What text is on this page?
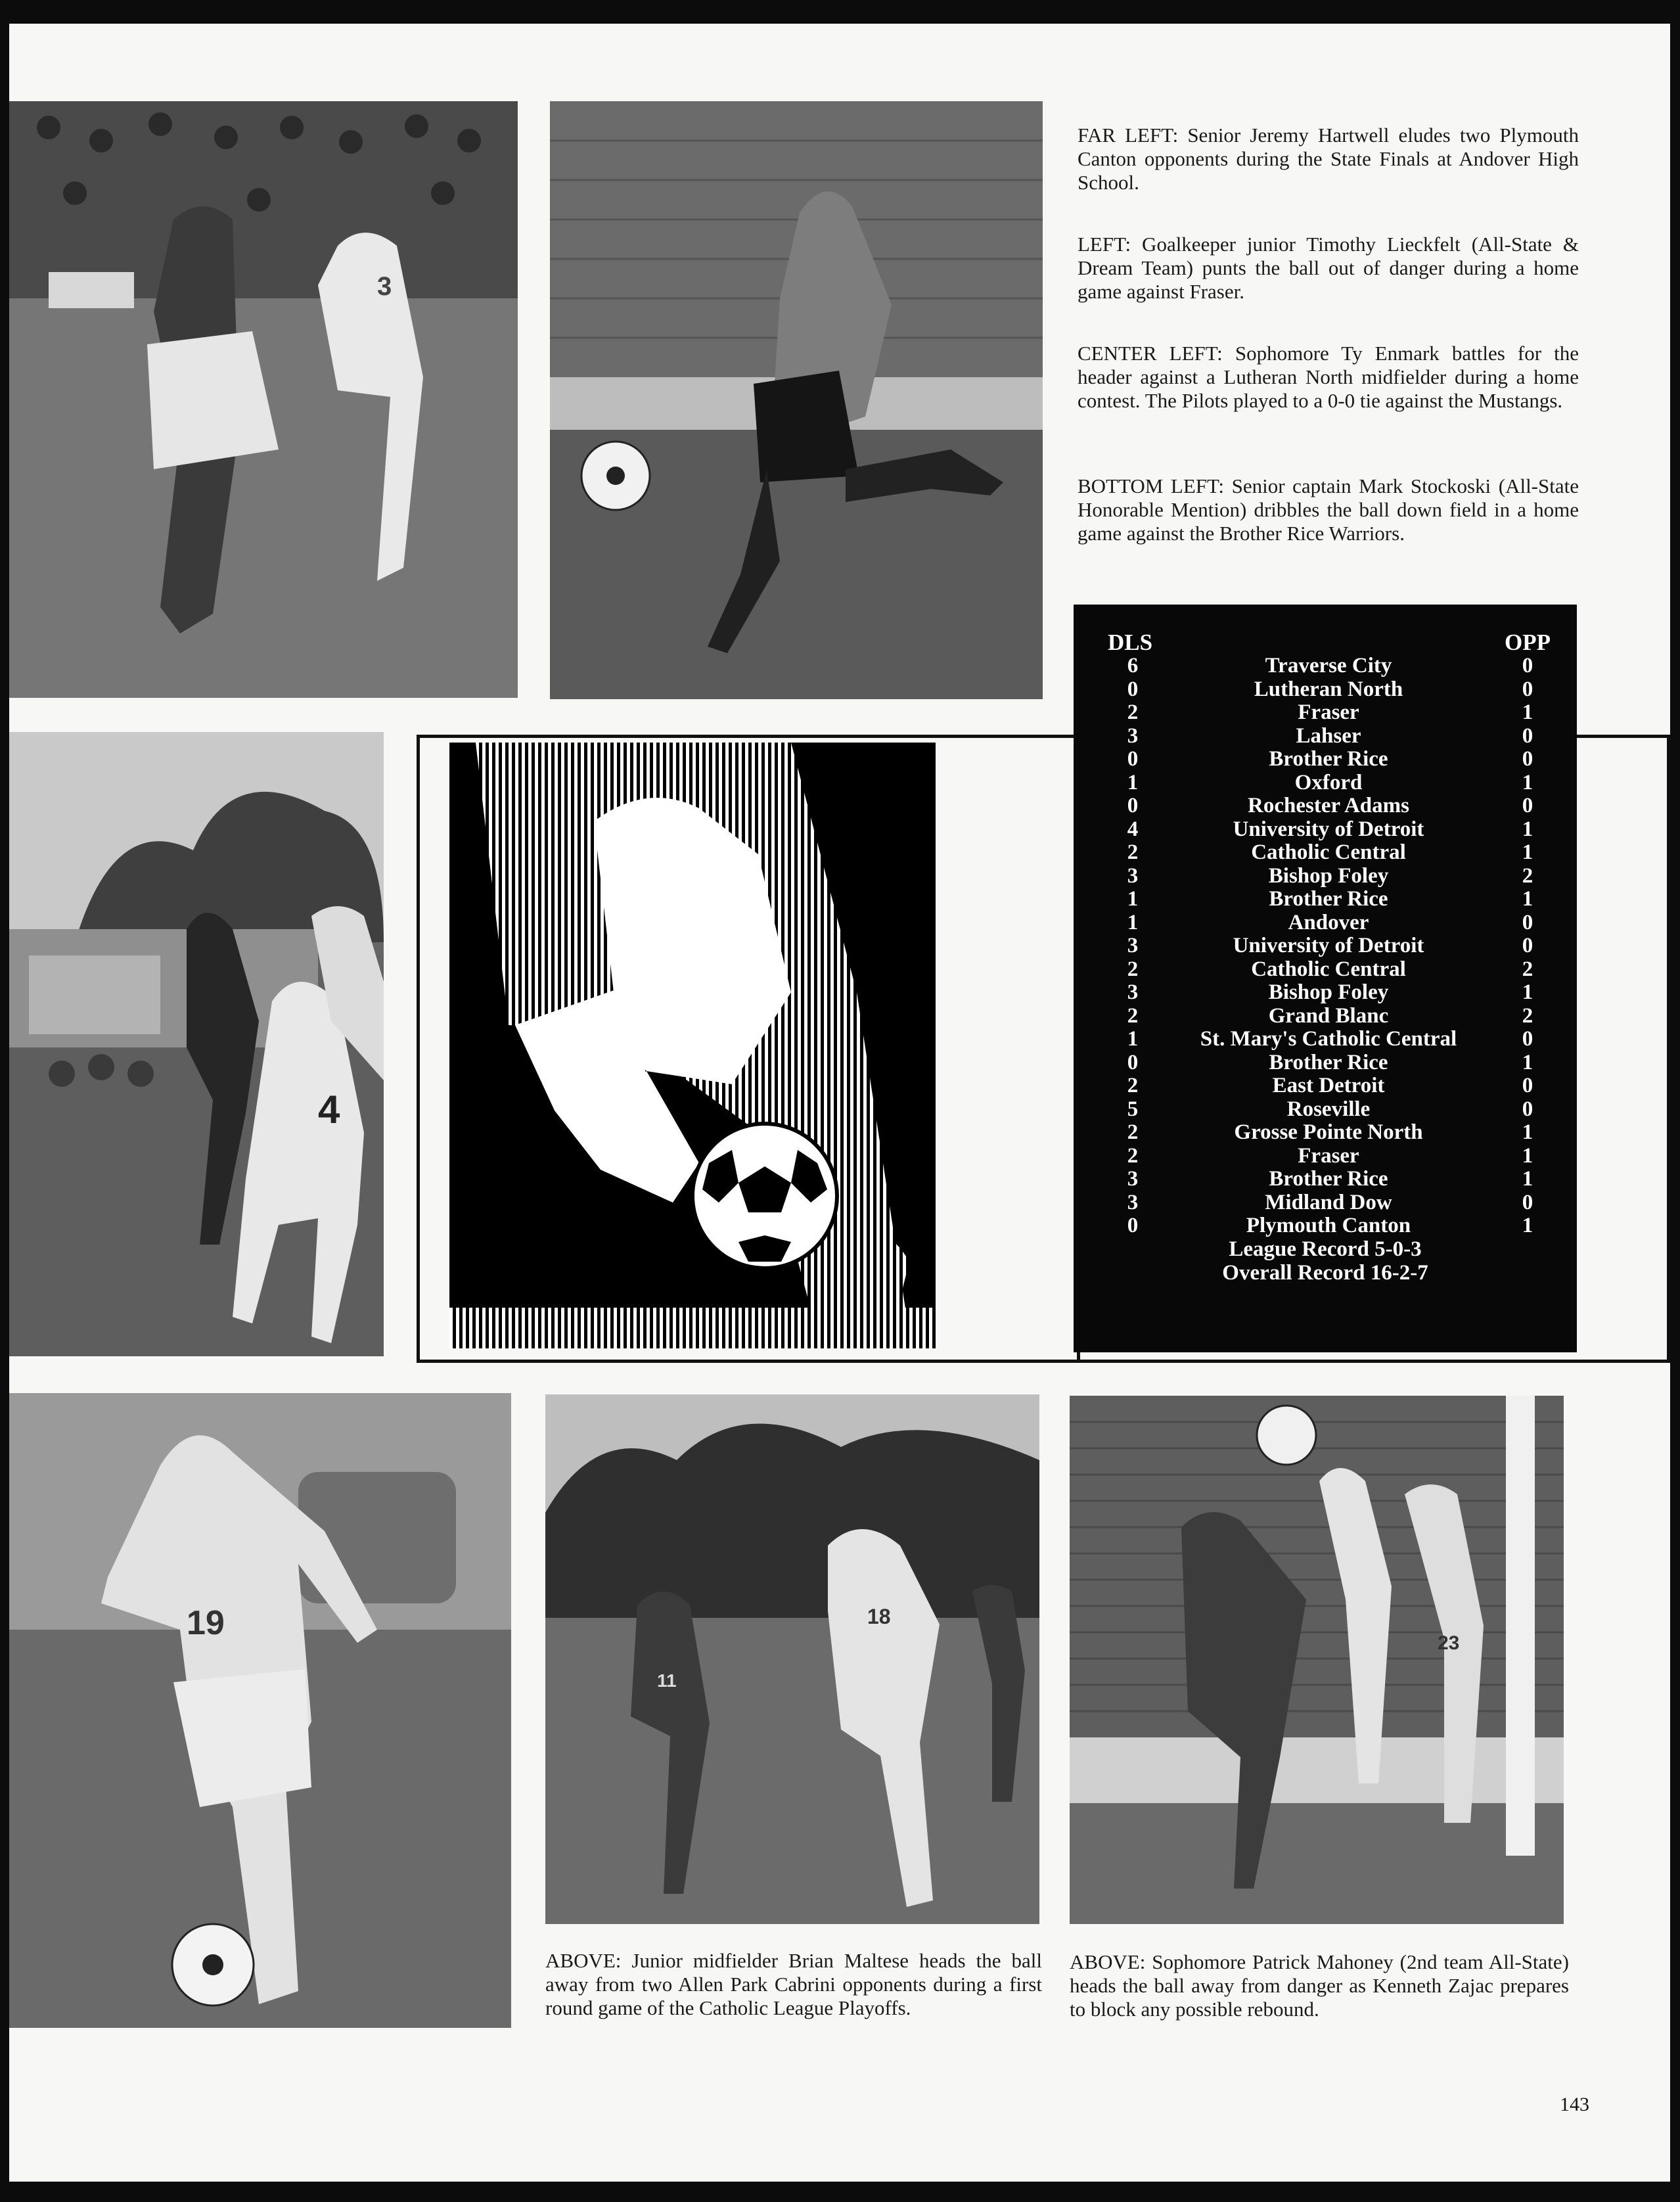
3

FAR LEFT: Senior Jeremy Hartwell eludes two Plymouth Canton opponents during the State Finals at Andover High School.

LEFT: Goalkeeper junior Timothy Lieckfelt (All-State & Dream Team) punts the ball out of danger during a home game against Fraser.

CENTER LEFT: Sophomore Ty Enmark battles for the header against a Lutheran North midfielder during a home contest. The Pilots played to a 0-0 tie against the Mustangs.

BOTTOM LEFT: Senior captain Mark Stockoski (All-State Honorable Mention) dribbles the ball down field in a home game against the Brother Rice Warriors.

4
DLS	OPP
6
0
2
3
0
1
0
4
2
3
1
1
3
2
3
2
1
0
2
5
2
2
3
3
0
Traverse City
Lutheran North
Fraser
Lahser
Brother Rice
Oxford
Rochester Adams
University of Detroit
Catholic Central
Bishop Foley
Brother Rice
Andover
University of Detroit
Catholic Central
Bishop Foley
Grand Blanc
St. Mary's Catholic Central
Brother Rice
East Detroit
Roseville
Grosse Pointe North
Fraser
Brother Rice
Midland Dow
Plymouth Canton
0
0
1
0
0
1
0
1
1
2
1
0
0
2
1
2
0
1
0
0
1
1
1
0
1
League Record 5-0-3
Overall Record 16-2-7
19	18
11
23

ABOVE: Junior midfielder Brian Maltese heads the ball away from two Allen Park Cabrini opponents during a first round game of the Catholic League Playoffs.

ABOVE: Sophomore Patrick Mahoney (2nd team All-State) heads the ball away from danger as Kenneth Zajac prepares to block any possible rebound.

143
